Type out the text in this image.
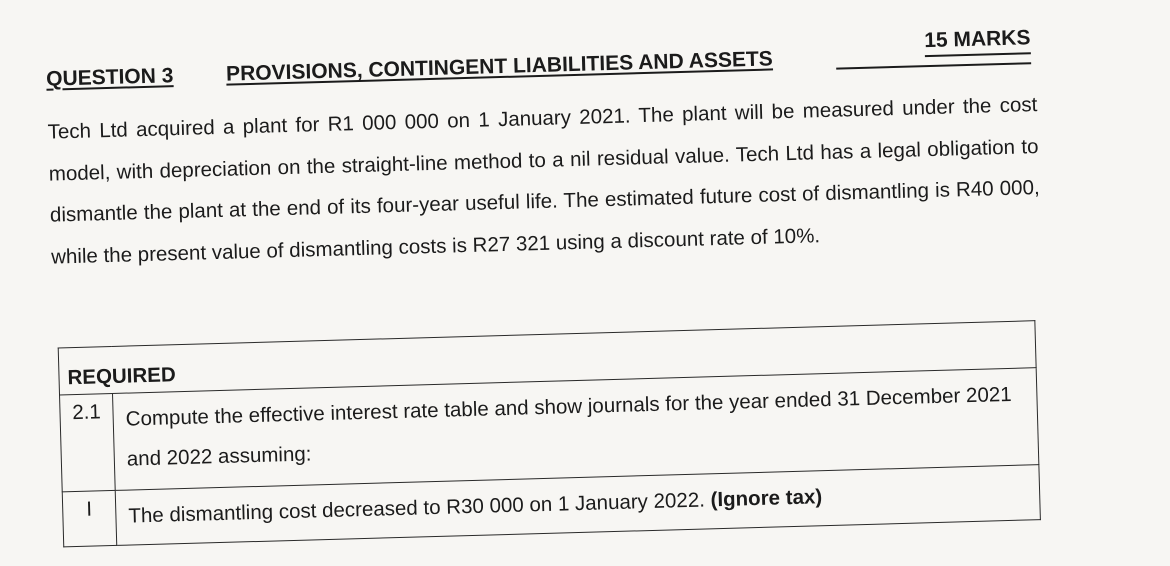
QUESTION 3 PROVISIONS, CONTINGENT LIABILITIES AND ASSETS
15 MARKS
Tech Ltd acquired a plant for R1 000 000 on 1 January 2021. The plant will be measured under the cost model, with depreciation on the straight-line method to a nil residual value. Tech Ltd has a legal obligation to dismantle the plant at the end of its four-year useful life. The estimated future cost of dismantling is R40 000, while the present value of dismantling costs is R27 321 using a discount rate of 10%.
REQUIRED	
2.1	Compute the effective interest rate table and show journals for the year ended 31 December 2021 and 2022 assuming:
I	The dismantling cost decreased to R30 000 on 1 January 2022. (Ignore tax)
